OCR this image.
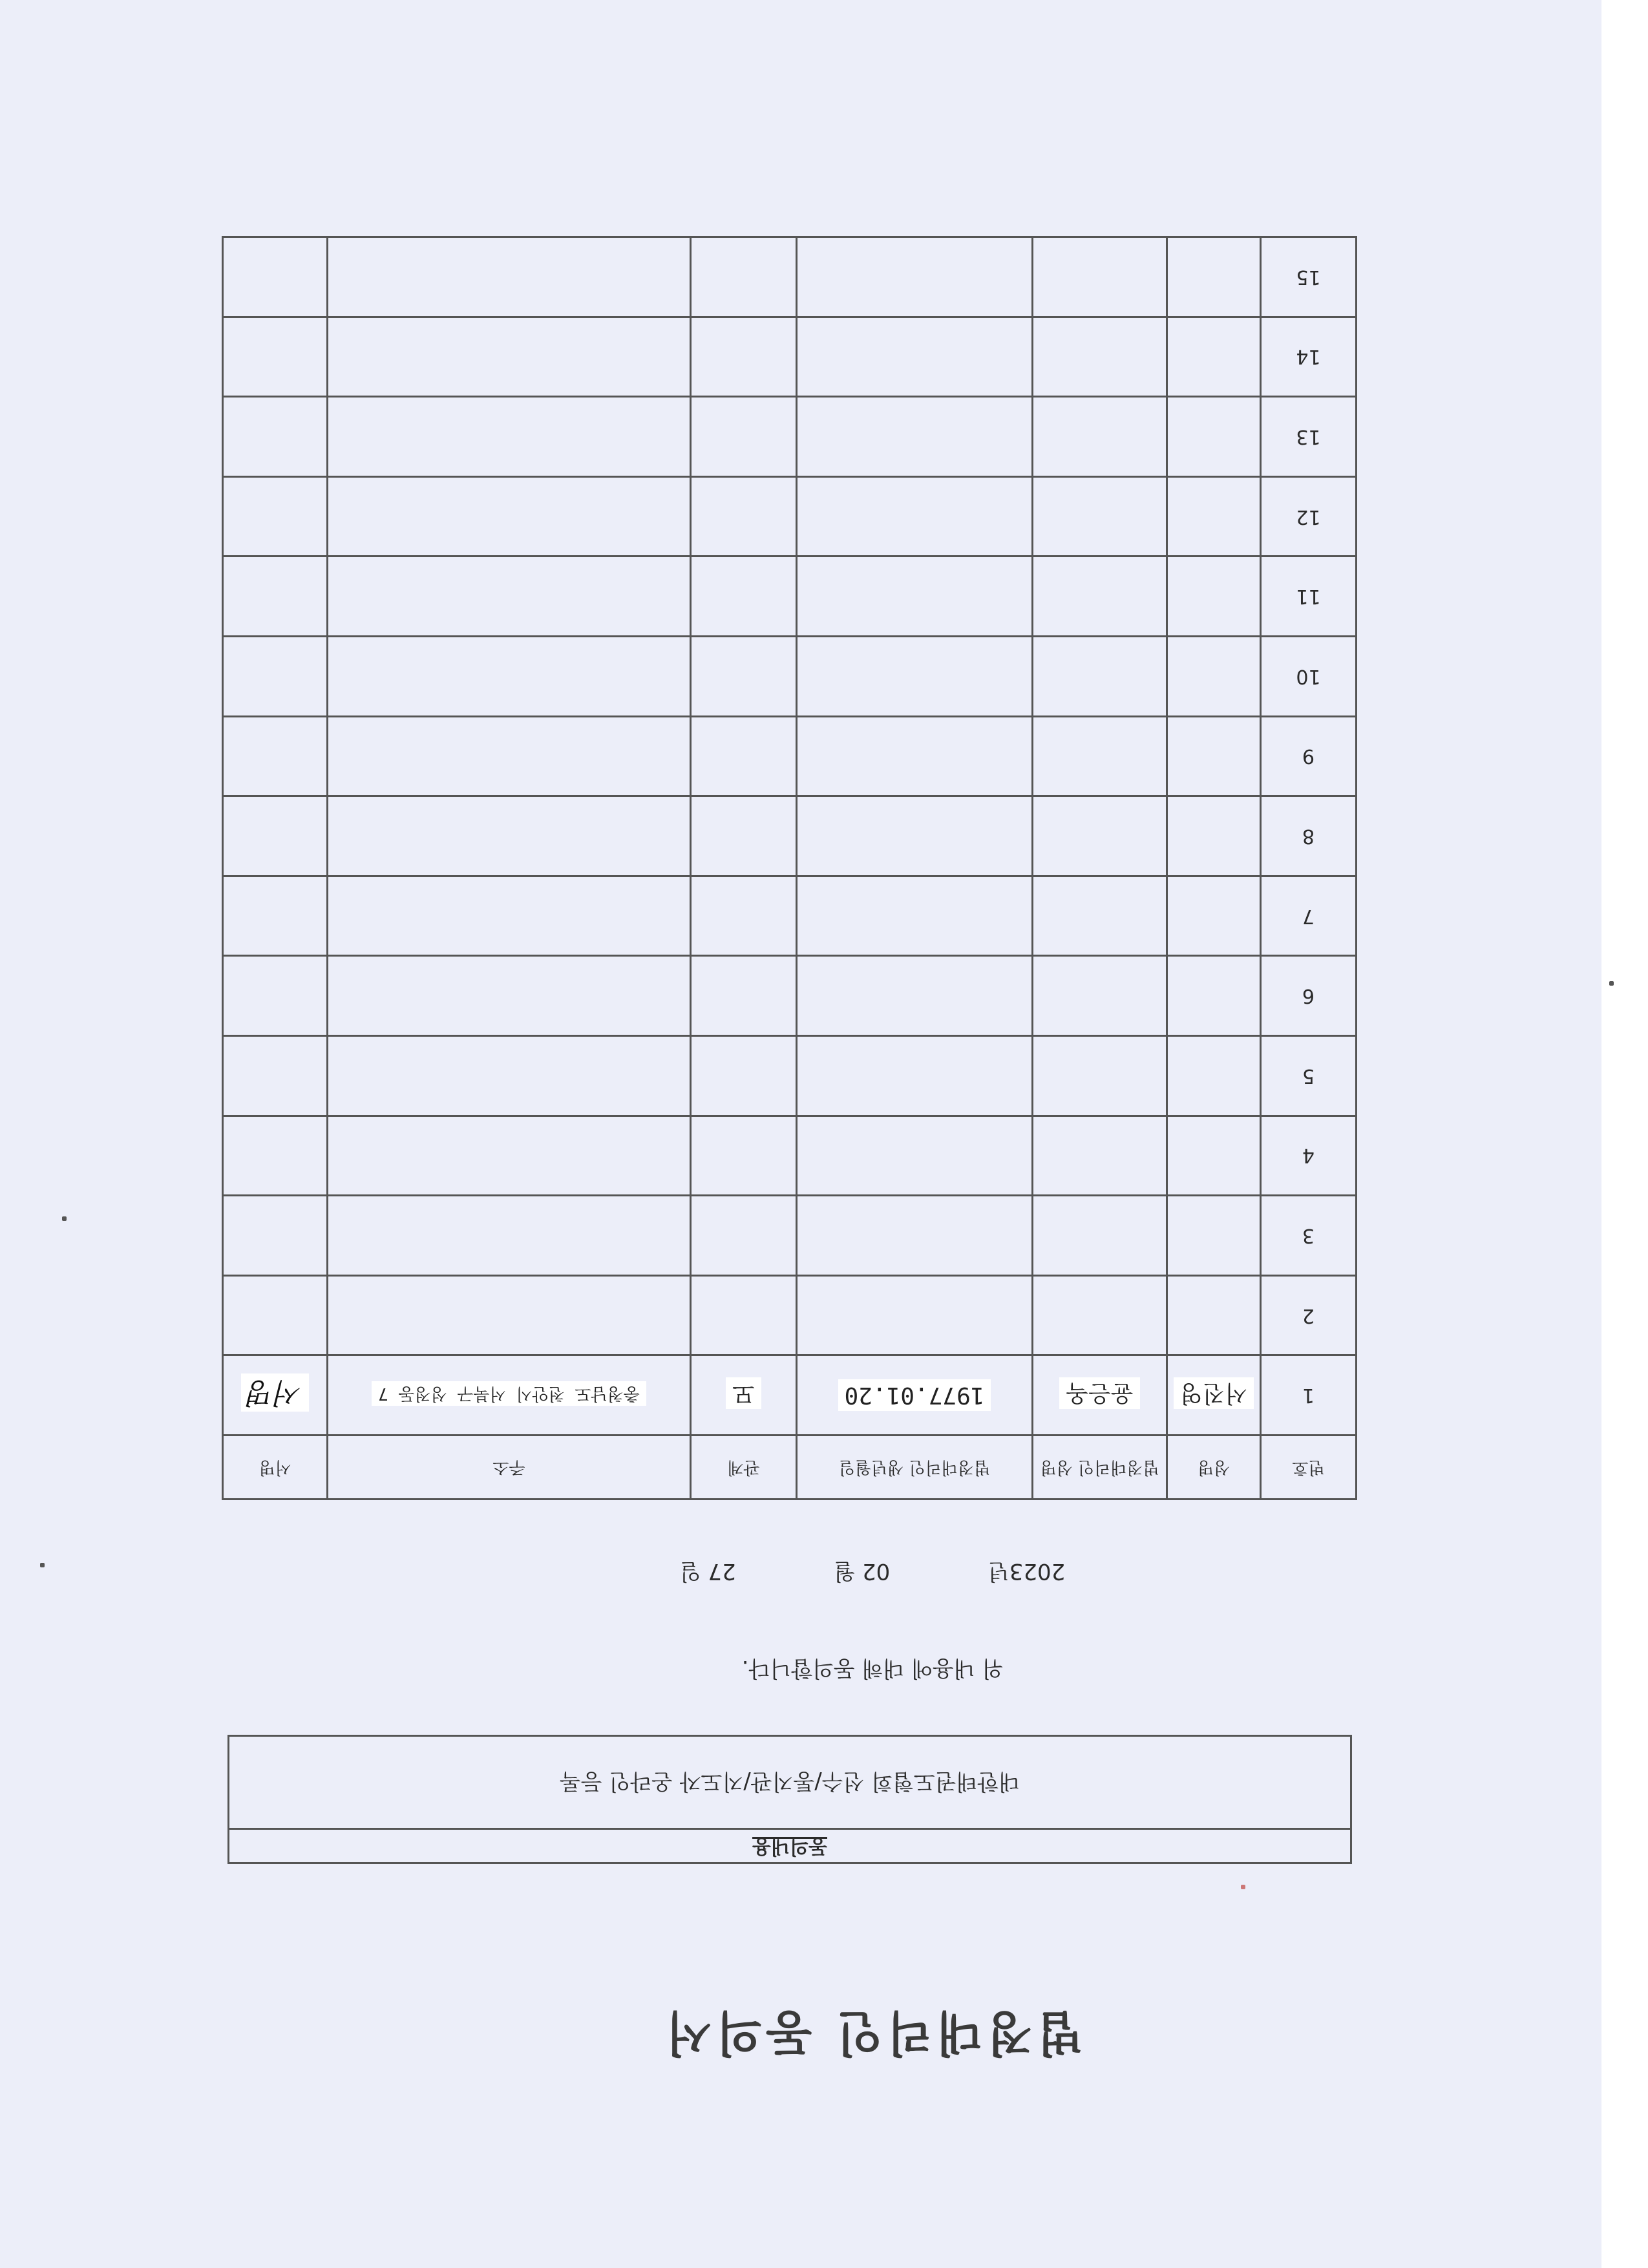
법정대리인 동의서
동의내용
대한태권도협회 선수/통지관/지도자 온라인 등록
위 내용에 대해 동의합니다.
2023년  02 월  27 일
번호	성명	법정대리인 성명	법정대리인 생년월일	관계	주소	서명
1	서진영	윤은옥	1977.01.20	모	충청남도 천안시 서북구 성정동 7	서명
2						
3						
4						
5						
6						
7						
8						
9						
10						
11						
12						
13						
14						
15						
